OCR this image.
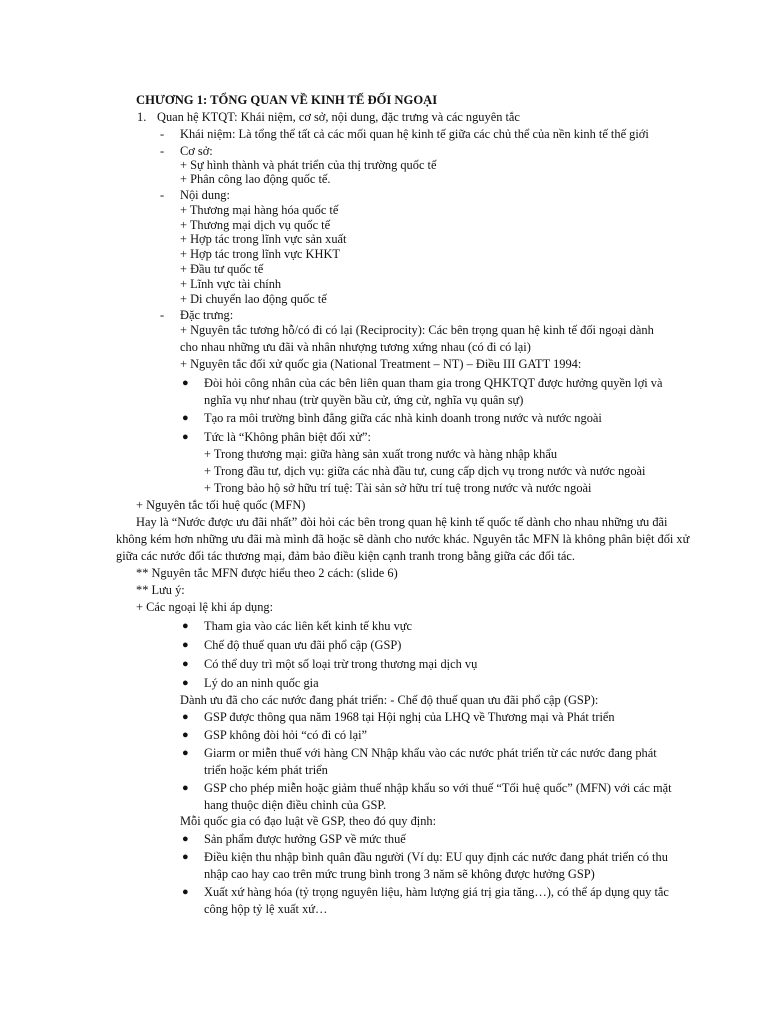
CHƯƠNG 1: TỔNG QUAN VỀ KINH TẾ ĐỐI NGOẠI
1. Quan hệ KTQT: Khái niệm, cơ sở, nội dung, đặc trưng và các nguyên tắc
- Khái niệm: Là tổng thể tất cả các mối quan hệ kinh tế giữa các chủ thể của nền kinh tế thế giới
- Cơ sở:
+ Sự hình thành và phát triển của thị trường quốc tế
+ Phân công lao động quốc tế.
- Nội dung:
+ Thương mại hàng hóa quốc tế
+ Thương mại dịch vụ quốc tế
+ Hợp tác trong lĩnh vực sản xuất
+ Hợp tác trong lĩnh vực KHKT
+ Đầu tư quốc tế
+ Lĩnh vực tài chính
+ Di chuyển lao động quốc tế
- Đặc trưng:
+ Nguyên tắc tương hỗ/có đi có lại (Reciprocity): Các bên trọng quan hệ kinh tế đối ngoại dành
cho nhau những ưu đãi và nhân nhượng tương xứng nhau (có đi có lại)
+ Nguyên tắc đối xử quốc gia (National Treatment – NT) – Điều III GATT 1994:
● Đòi hỏi công nhân của các bên liên quan tham gia trong QHKTQT được hưởng quyền lợi và
nghĩa vụ như nhau (trừ quyền bầu cử, ứng cử, nghĩa vụ quân sự)
● Tạo ra môi trường bình đẳng giữa các nhà kinh doanh trong nước và nước ngoài
● Tức là “Không phân biệt đối xử”:
+ Trong thương mại: giữa hàng sản xuất trong nước và hàng nhập khẩu
+ Trong đầu tư, dịch vụ: giữa các nhà đầu tư, cung cấp dịch vụ trong nước và nước ngoài
+ Trong bảo hộ sở hữu trí tuệ: Tài sản sở hữu trí tuệ trong nước và nước ngoài
+ Nguyên tắc tối huệ quốc (MFN)
Hay là “Nước được ưu đãi nhất” đòi hỏi các bên trong quan hệ kinh tế quốc tế dành cho nhau những ưu đãi
không kém hơn những ưu đãi mà mình đã hoặc sẽ dành cho nước khác. Nguyên tắc MFN là không phân biệt đối xử
giữa các nước đối tác thương mại, đảm bảo điều kiện cạnh tranh trong bằng giữa các đối tác.
** Nguyên tắc MFN được hiểu theo 2 cách: (slide 6)
** Lưu ý:
+ Các ngoại lệ khi áp dụng:
● Tham gia vào các liên kết kinh tế khu vực
● Chế độ thuế quan ưu đãi phổ cập (GSP)
● Có thể duy trì một số loại trừ trong thương mại dịch vụ
● Lý do an ninh quốc gia
Dành ưu đã cho các nước đang phát triển: - Chế độ thuế quan ưu đãi phổ cập (GSP):
● GSP được thông qua năm 1968 tại Hội nghị của LHQ về Thương mại và Phát triển
● GSP không đòi hỏi “có đi có lại”
● Giarm or miễn thuế với hàng CN Nhập khẩu vào các nước phát triển từ các nước đang phát
triển hoặc kém phát triển
● GSP cho phép miễn hoặc giảm thuế nhập khẩu so với thuế “Tối huệ quốc” (MFN) với các mặt
hang thuộc diện điều chỉnh của GSP.
Mỗi quốc gia có đạo luật về GSP, theo đó quy định:
● Sản phẩm được hưởng GSP về mức thuế
● Điều kiện thu nhập bình quân đầu người (Ví dụ: EU quy định các nước đang phát triển có thu
nhập cao hay cao trên mức trung bình trong 3 năm sẽ không được hưởng GSP)
● Xuất xứ hàng hóa (tỷ trọng nguyên liệu, hàm lượng giá trị gia tăng…), có thể áp dụng quy tắc
công hộp tỷ lệ xuất xứ…
